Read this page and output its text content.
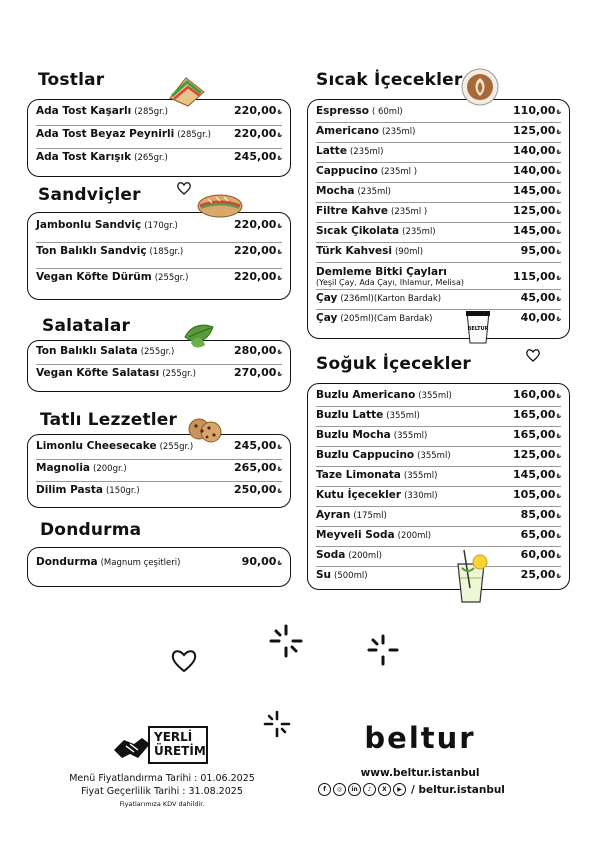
Tostlar
Ada Tost Kaşarlı (285gr.)	220,00₺
Ada Tost Beyaz Peynirli (285gr.) 220,00₺
Ada Tost Karışık (265gr.)	245,00₺
Sandviçler
Jambonlu Sandviç (170gr.)	220,00₺
Ton Balıklı Sandviç (185gr.)	220,00₺
Vegan Köfte Dürüm (255gr.)	220,00₺
Salatalar
Ton Balıklı Salata (255gr.)	280,00₺
Vegan Köfte Salatası (255gr.)	270,00₺
Tatlı Lezzetler
Limonlu Cheesecake (255gr.)	245,00₺
Magnolia (200gr.)	265,00₺
Dilim Pasta (150gr.)	250,00₺
Dondurma
Dondurma (Magnum çeşitleri)	90,00₺
Sıcak İçecekler
Espresso ( 60ml)	110,00₺
Americano (235ml)	125,00₺
Latte (235ml)	140,00₺
Cappucino (235ml )	140,00₺
Mocha (235ml)	145,00₺
Filtre Kahve (235ml )	125,00₺
Sıcak Çikolata (235ml)	145,00₺
Türk Kahvesi (90ml)	95,00₺
Demleme Bitki Çayları
(Yeşil Çay, Ada Çayı, Ihlamur, Melisa)	115,00₺
Çay (236ml)(Karton Bardak)	45,00₺
Çay (205ml)(Cam Bardak)	40,00₺
Soğuk İçecekler
Buzlu Americano (355ml)	160,00₺
Buzlu Latte (355ml)	165,00₺
Buzlu Mocha (355ml)	165,00₺
Buzlu Cappucino (355ml)	125,00₺
Taze Limonata (355ml)	145,00₺
Kutu İçecekler (330ml)	105,00₺
Ayran (175ml)	85,00₺
Meyveli Soda (200ml)	65,00₺
Soda (200ml)	60,00₺
Su (500ml)	25,00₺
BELTUR
YERLİ
ÜRETİM
Menü Fiyatlandırma Tarihi : 01.06.2025
Fiyat Geçerlilik Tarihi : 31.08.2025
Fiyatlarımıza KDV dahildir.
beltur
www.beltur.istanbul
f	◎	in	♪	X	▶ / beltur.istanbul
